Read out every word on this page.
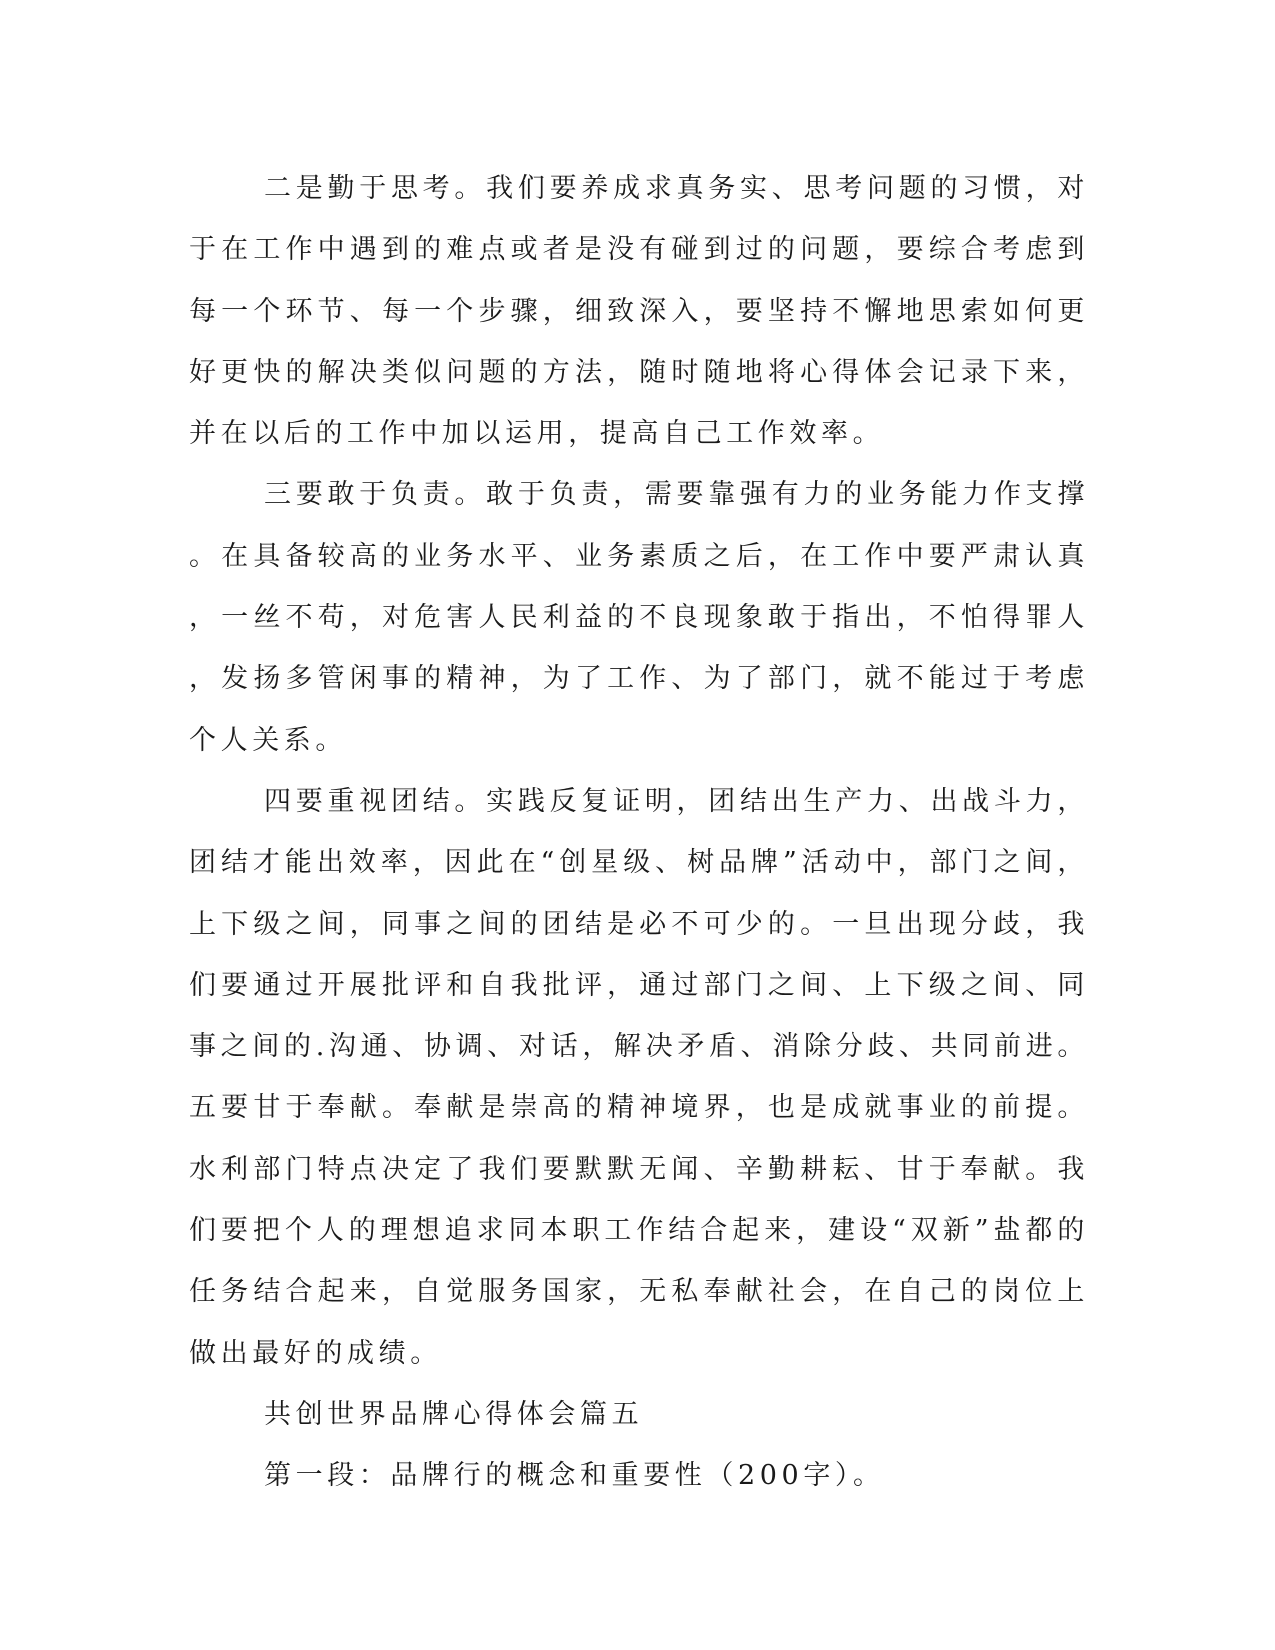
二是勤于思考。我们要养成求真务实、思考问题的习惯，对于在工作中遇到的难点或者是没有碰到过的问题，要综合考虑到每一个环节、每一个步骤，细致深入，要坚持不懈地思索如何更好更快的解决类似问题的方法，随时随地将心得体会记录下来，并在以后的工作中加以运用，提高自己工作效率。

三要敢于负责。敢于负责，需要靠强有力的业务能力作支撑。在具备较高的业务水平、业务素质之后，在工作中要严肃认真，一丝不苟，对危害人民利益的不良现象敢于指出，不怕得罪人，发扬多管闲事的精神，为了工作、为了部门，就不能过于考虑个人关系。

四要重视团结。实践反复证明，团结出生产力、出战斗力，团结才能出效率，因此在“创星级、树品牌”活动中，部门之间，上下级之间，同事之间的团结是必不可少的。一旦出现分歧，我们要通过开展批评和自我批评，通过部门之间、上下级之间、同事之间的.沟通、协调、对话，解决矛盾、消除分歧、共同前进。五要甘于奉献。奉献是崇高的精神境界，也是成就事业的前提。水利部门特点决定了我们要默默无闻、辛勤耕耘、甘于奉献。我们要把个人的理想追求同本职工作结合起来，建设“双新”盐都的任务结合起来，自觉服务国家，无私奉献社会，在自己的岗位上做出最好的成绩。

共创世界品牌心得体会篇五

第一段：品牌行的概念和重要性（200字）。
